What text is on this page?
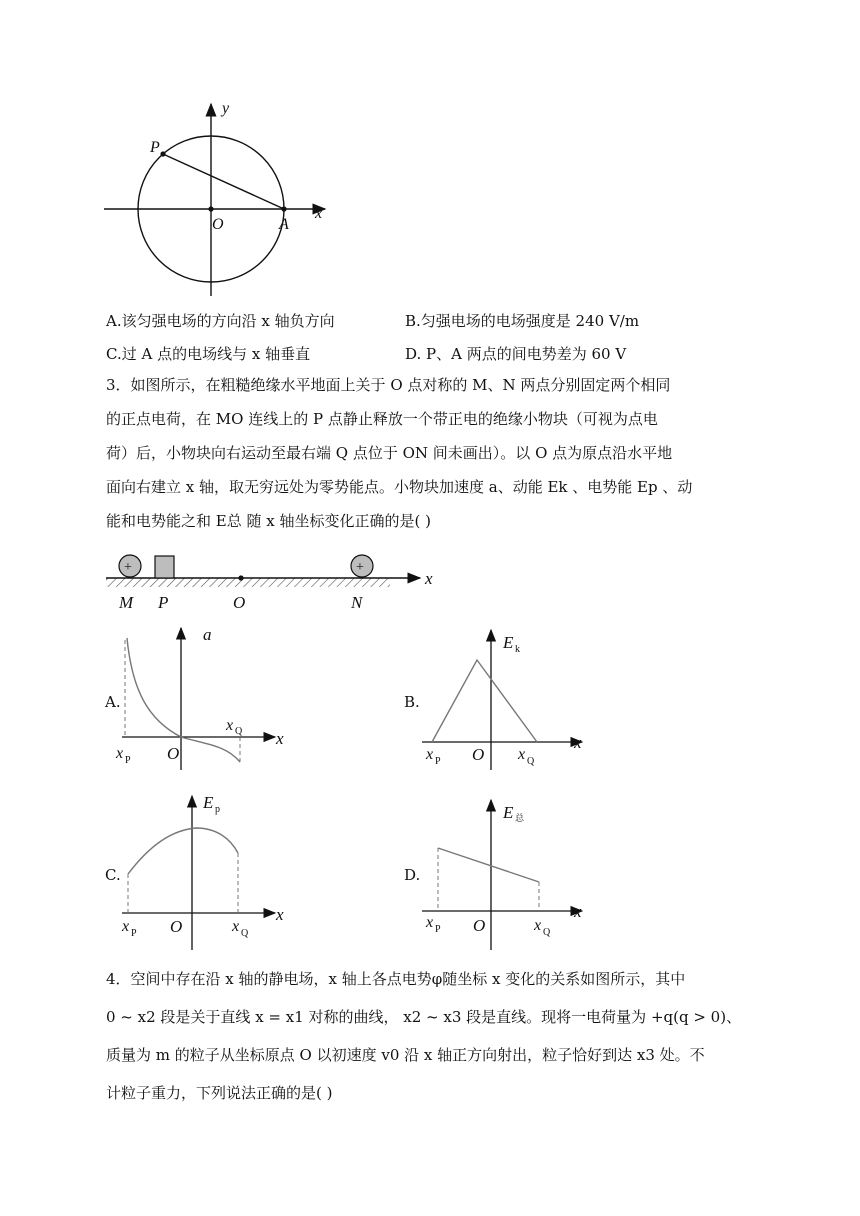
y
x
P
O	A
A.该匀强电场的方向沿 x 轴负方向	B.匀强电场的电场强度是 240 V/m
C.过 A 点的电场线与 x 轴垂直	D. P、A 两点的间电势差为 60 V

3．如图所示，在粗糙绝缘水平地面上关于 O 点对称的 M、N 两点分别固定两个相同

的正点电荷，在 MO 连线上的 P 点静止释放一个带正电的绝缘小物块（可视为点电

荷）后，小物块向右运动至最右端 Q 点位于 ON 间未画出）。以 O 点为原点沿水平地

面向右建立 x 轴，取无穷远处为零势能点。小物块加速度 a、动能 Ek 、电势能 Ep 、动

能和电势能之和 E总 随 x 轴坐标变化正确的是( )

+	+
x
M P	O	N
A.	B.
C.	D.
a
x
x P O
x Q
E k
x
x P O x Q
E p
x
x P O	x Q
E 总
x
x P O	x Q

4．空间中存在沿 x 轴的静电场，x 轴上各点电势φ随坐标 x 变化的关系如图所示，其中

0 ~ x2 段是关于直线 x = x1 对称的曲线， x2 ~ x3 段是直线。现将一电荷量为 +q(q > 0)、

质量为 m 的粒子从坐标原点 O 以初速度 v0 沿 x 轴正方向射出，粒子恰好到达 x3 处。不

计粒子重力，下列说法正确的是( )
